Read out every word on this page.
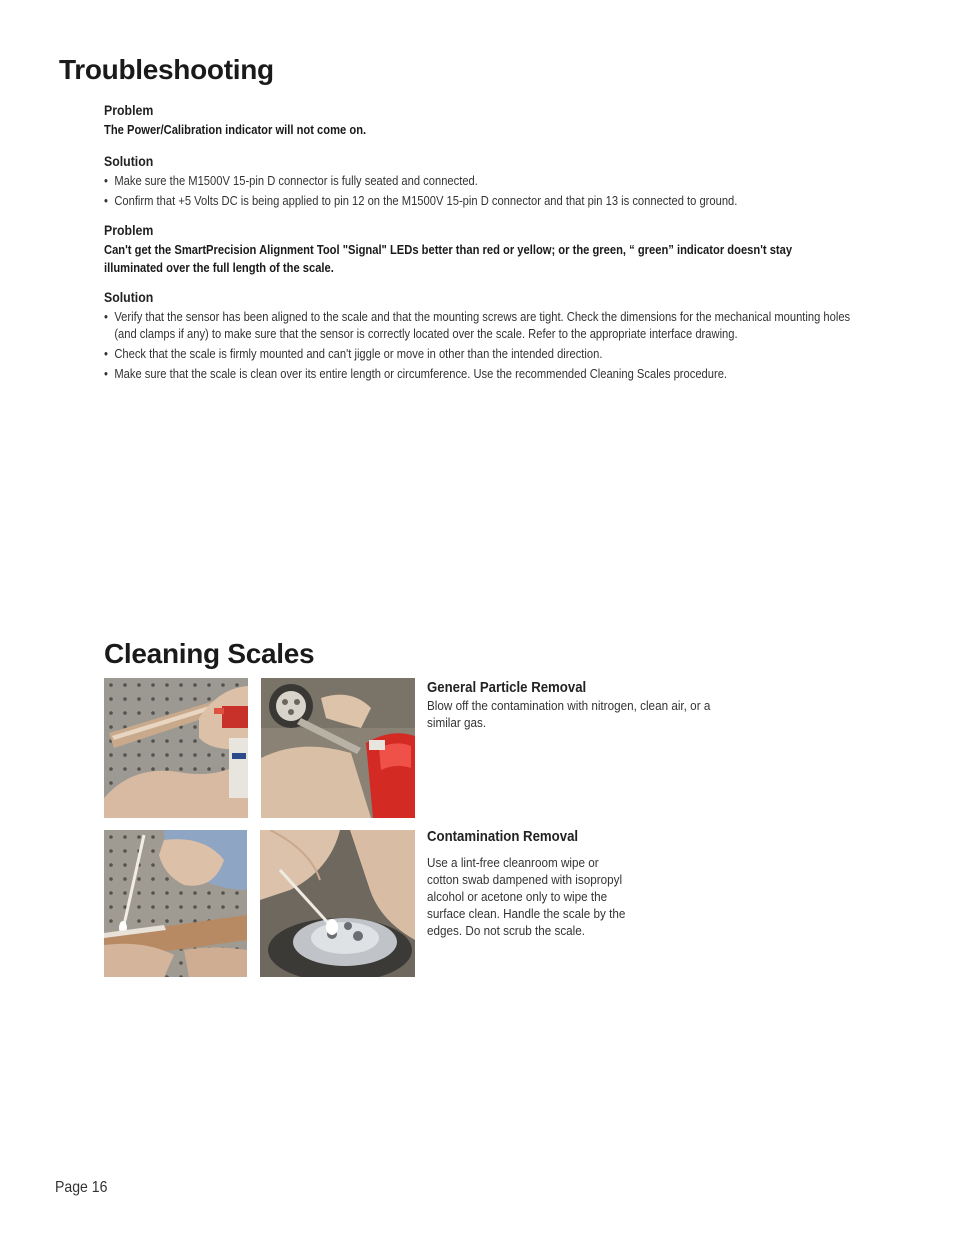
Troubleshooting
Problem
The Power/Calibration indicator will not come on.
Solution
• Make sure the M1500V 15-pin D connector is fully seated and connected.
• Confirm that +5 Volts DC is being applied to pin 12 on the M1500V 15-pin D connector and that pin 13 is connected to ground.
Problem
Can't get the SmartPrecision Alignment Tool "Signal" LEDs better than red or yellow; or the green, “ green” indicator doesn't stay illuminated over the full length of the scale.
Solution
• Verify that the sensor has been aligned to the scale and that the mounting screws are tight. Check the dimensions for the mechanical mounting holes (and clamps if any) to make sure that the sensor is correctly located over the scale. Refer to the appropriate interface drawing.
• Check that the scale is firmly mounted and can't jiggle or move in other than the intended direction.
• Make sure that the scale is clean over its entire length or circumference. Use the recommended Cleaning Scales procedure.
Cleaning Scales
General Particle Removal
Blow off the contamination with nitrogen, clean air, or a similar gas.
Contamination Removal
Use a lint-free cleanroom wipe or cotton swab dampened with isopropyl alcohol or acetone only to wipe the surface clean. Handle the scale by the edges. Do not scrub the scale.
Page 16
